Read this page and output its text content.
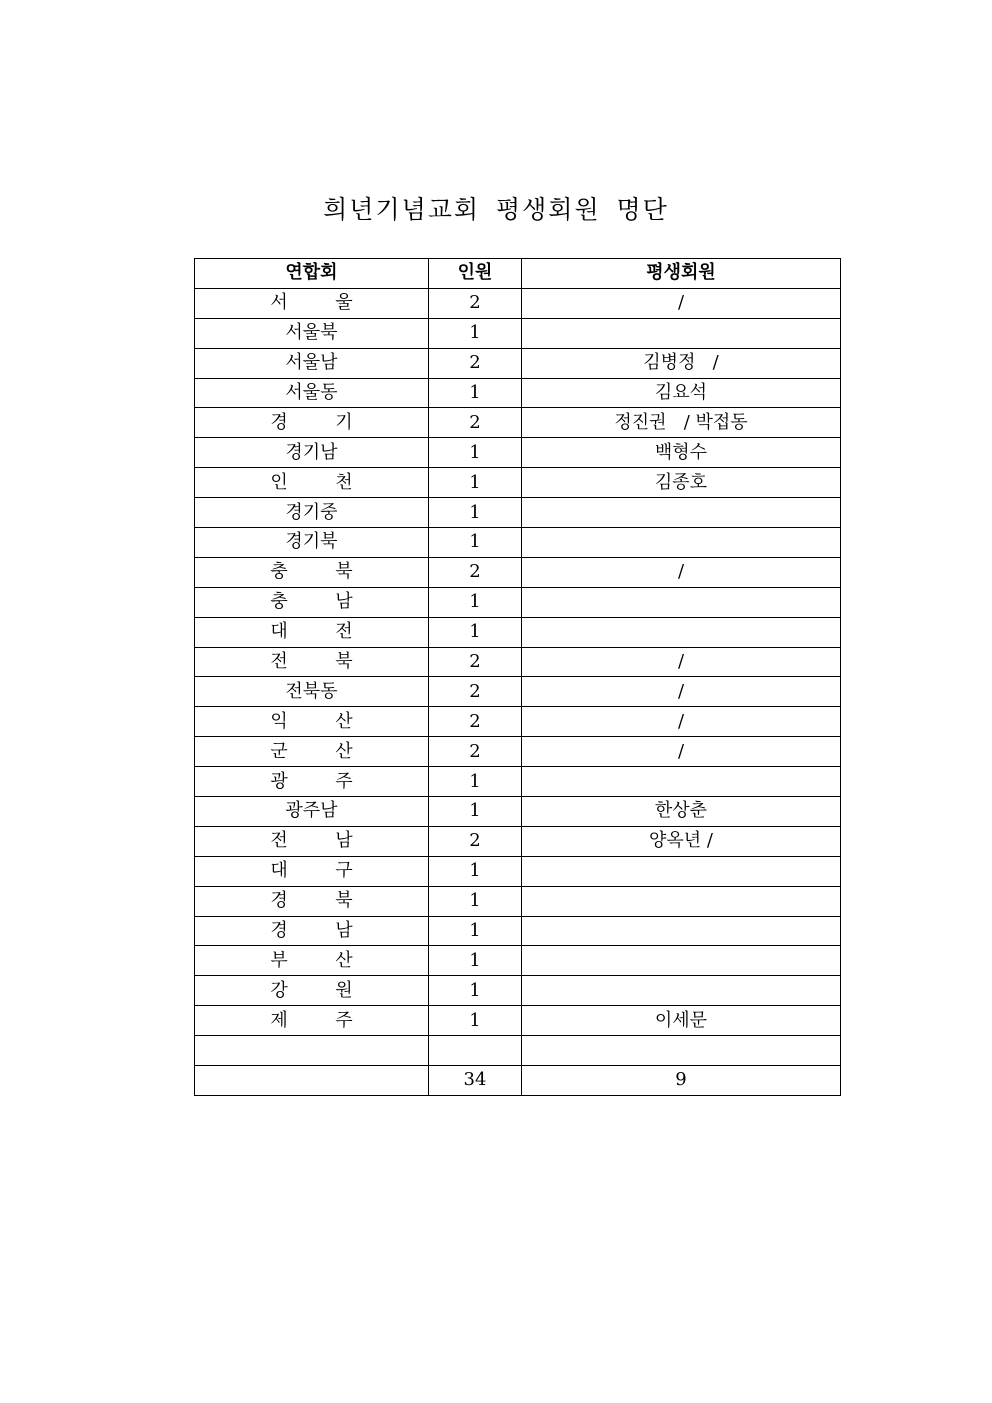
희년기념교회 평생회원 명단
연합회	인원	평생회원
서  울	2	/
서울북	1	
서울남	2	김병정   /
서울동	1	김요석
경  기	2	정진권   / 박접동
경기남	1	백형수
인  천	1	김종호
경기중	1	
경기북	1	
충  북	2	/
충  남	1	
대  전	1	
전  북	2	/
전북동	2	/
익  산	2	/
군  산	2	/
광  주	1	
광주남	1	한상춘
전  남	2	양옥년 /
대  구	1	
경  북	1	
경  남	1	
부  산	1	
강  원	1	
제  주	1	이세문

	34	9
